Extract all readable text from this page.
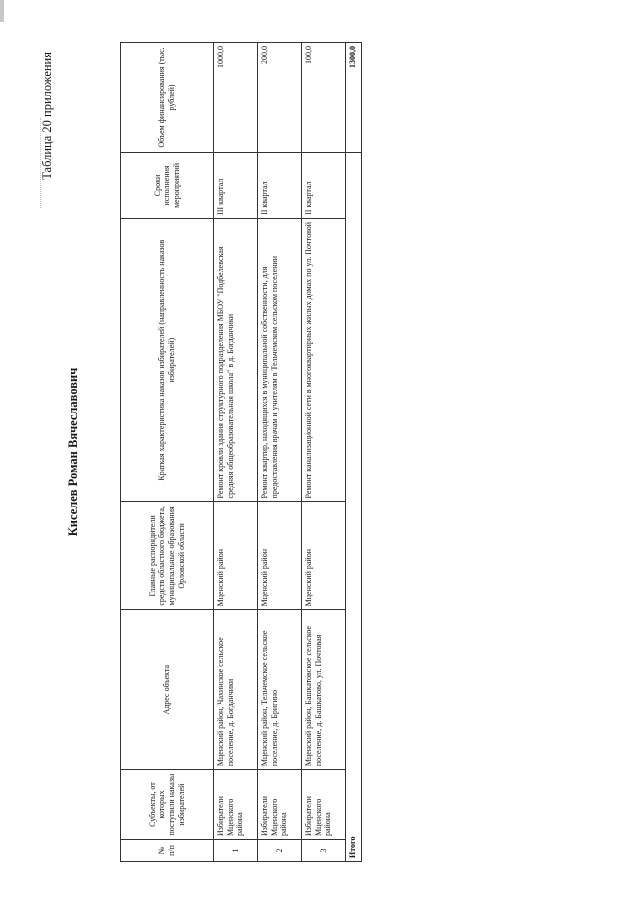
Таблица 20 приложения

Киселев Роман Вячеславович

№ п/п	Субъекты, от которых поступили наказы избирателей	Адрес объекта	Главные распорядители средств областного бюджета, муниципальные образования Орловской области	Краткая характеристика наказов избирателей (направленность наказов избирателей)	Сроки исполнения мероприятий	Объем финансирования (тыс. рублей)
1	Избиратели Мценского района	Мценский район, Чахинское сельское поселение, д. Богданчики	Мценский район	Ремонт кровли здания структурного подразделения МБОУ "Подбелевская средняя общеобразовательная школа" в д. Богданчики	III квартал	1000,0
2	Избиратели Мценского района	Мценский район, Тельчемское сельское поселение, д. Бригино	Мценский район	Ремонт квартир, находящихся в муниципальной собственности, для предоставления врачам и учителям в Тельчемском сельском поселении	II квартал	200,0
3	Избиратели Мценского района	Мценский район, Башкатовское сельское поселение, д. Башкатово, ул. Почтовая	Мценский район	Ремонт канализационной сети в многоквартирных жилых домах по ул. Почтовой	II квартал	100,0
Итого						1300,0
